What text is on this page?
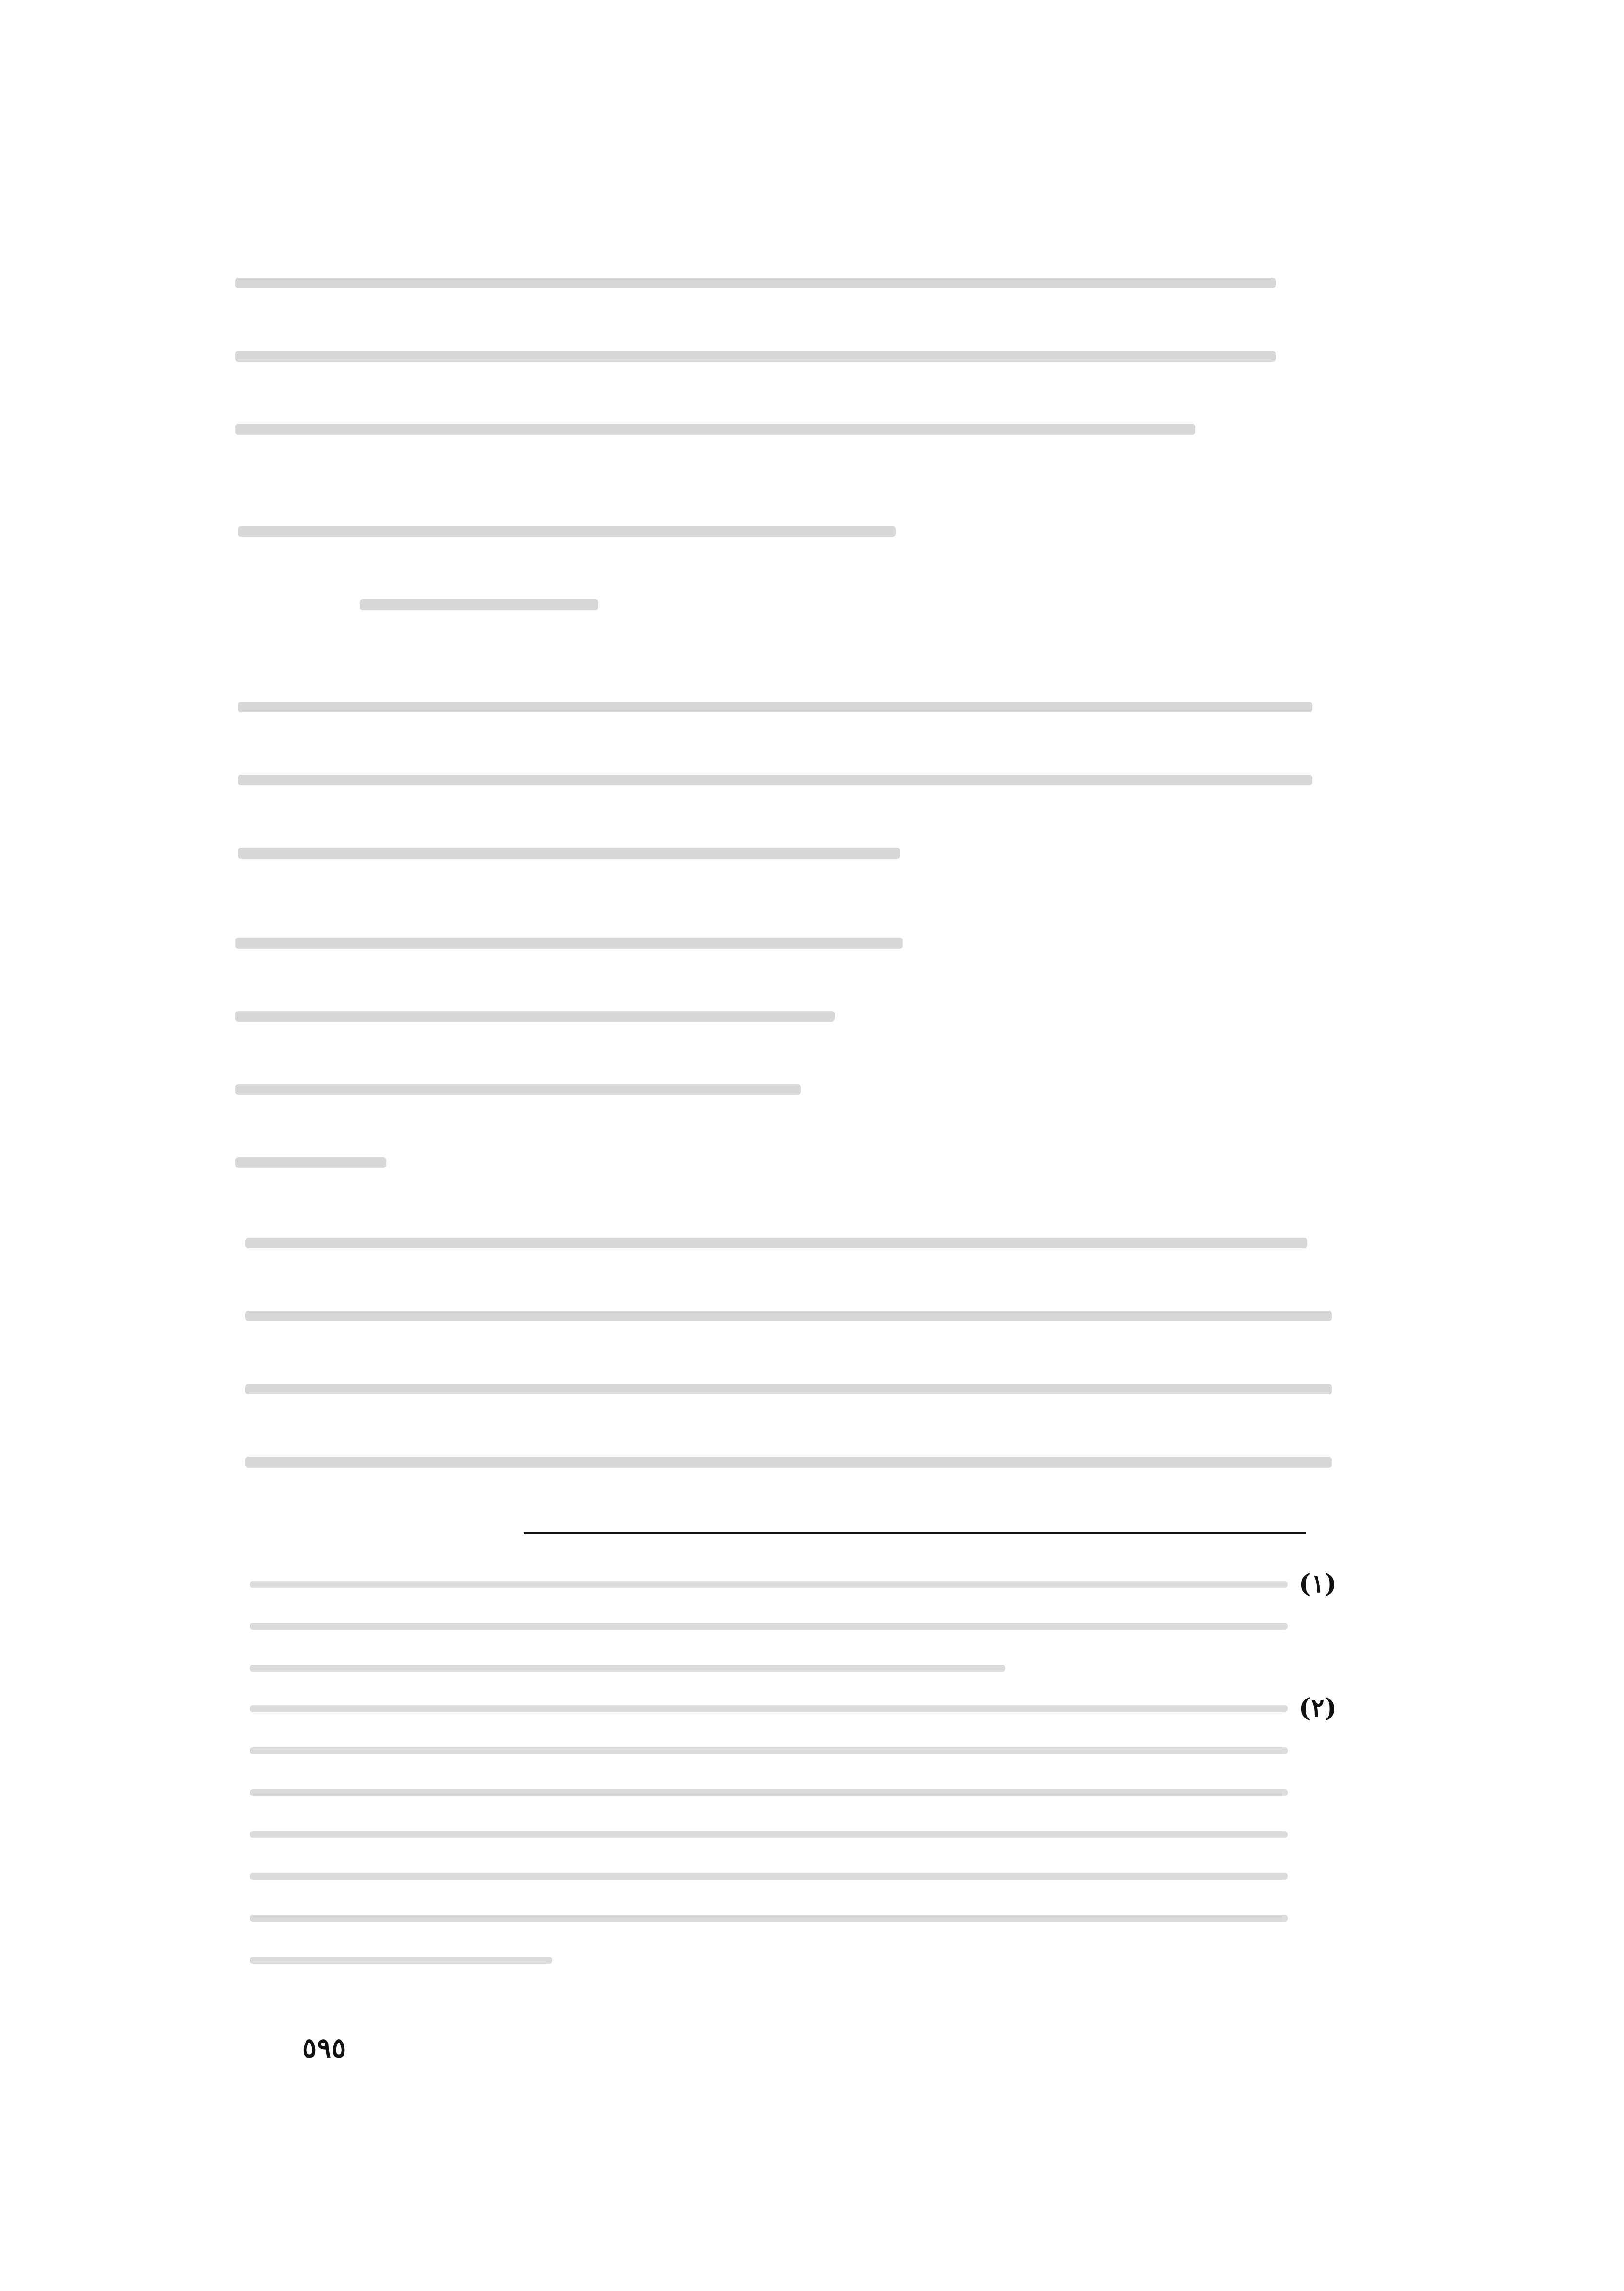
(١)
(٢)
٥٩٥
